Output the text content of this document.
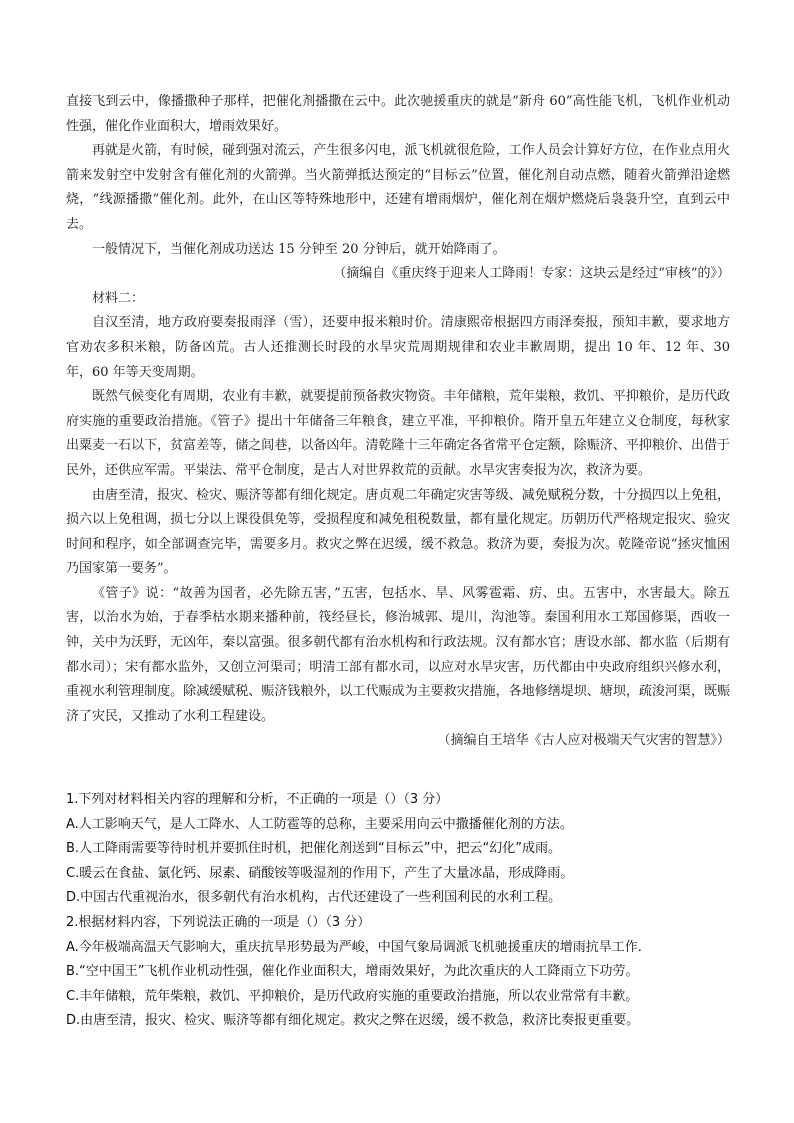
直接飞到云中，像播撒种子那样，把催化剂播撒在云中。此次驰援重庆的就是“新舟 60”高性能飞机，飞机作业机动性强，催化作业面积大，增雨效果好。

再就是火箭，有时候，碰到强对流云，产生很多闪电，派飞机就很危险，工作人员会计算好方位，在作业点用火箭来发射空中发射含有催化剂的火箭弹。当火箭弹抵达预定的“目标云”位置，催化剂自动点燃，随着火箭弹沿途燃烧，“线源播撒”催化剂。此外，在山区等特殊地形中，还建有增雨烟炉，催化剂在烟炉燃烧后袅袅升空，直到云中去。

一般情况下，当催化剂成功送达 15 分钟至 20 分钟后，就开始降雨了。

（摘编自《重庆终于迎来人工降雨！专家：这块云是经过“审核”的》）

材料二：

自汉至清，地方政府要奏报雨泽（雪），还要申报米粮时价。清康熙帝根据四方雨泽奏报，预知丰歉，要求地方官劝农多积米粮，防备凶荒。古人还推测长时段的水旱灾荒周期规律和农业丰歉周期，提出 10 年、12 年、30 年，60 年等天变周期。

既然气候变化有周期，农业有丰歉，就要提前预备救灾物资。丰年储粮，荒年粜粮，救饥、平抑粮价，是历代政府实施的重要政治措施。《管子》提出十年储备三年粮食，建立平准，平抑粮价。隋开皇五年建立义仓制度，每秋家出粟麦一石以下，贫富差等，储之闾巷，以备凶年。清乾隆十三年确定各省常平仓定额，除赈济、平抑粮价、出借于民外，还供应军需。平粜法、常平仓制度，是古人对世界救荒的贡献。水旱灾害奏报为次，救济为要。

由唐至清，报灾、检灾、赈济等都有细化规定。唐贞观二年确定灾害等级、减免赋税分数，十分损四以上免租，损六以上免租调，损七分以上课役俱免等，受损程度和减免租税数量，都有量化规定。历朝历代严格规定报灾、验灾时间和程序，如全部调查完毕，需要多月。救灾之弊在迟缓，缓不救急。救济为要，奏报为次。乾隆帝说“拯灾恤困乃国家第一要务”。

《管子》说：“故善为国者，必先除五害，”五害，包括水、旱、风雾雹霜、疠、虫。五害中，水害最大。除五害，以治水为始，于春季枯水期来播种前，筏经昼长，修治城郭、堤川，沟池等。秦国利用水工郑国修渠，西收一钟，关中为沃野，无凶年，秦以富强。很多朝代都有治水机构和行政法规。汉有都水官；唐设水部、都水监（后期有都水司）；宋有都水监外，又创立河渠司；明清工部有都水司，以应对水旱灾害，历代都由中央政府组织兴修水利，重视水利管理制度。除减缓赋税、赈济钱粮外，以工代赈成为主要救灾措施，各地修缮堤坝、塘坝，疏浚河渠，既赈济了灾民，又推动了水利工程建设。

（摘编自王培华《古人应对极端天气灾害的智慧》）

1.下列对材料相关内容的理解和分析，不正确的一项是（）（3 分）

A.人工影响天气，是人工降水、人工防雹等的总称，主要采用向云中撒播催化剂的方法。

B.人工降雨需要等待时机并要抓住时机，把催化剂送到“目标云”中，把云“幻化”成雨。

C.暖云在食盐、氯化钙、尿素、硝酸铵等吸湿剂的作用下，产生了大量冰晶，形成降雨。

D.中国古代重视治水，很多朝代有治水机构，古代还建设了一些利国利民的水利工程。

2.根据材料内容，下列说法正确的一项是（）（3 分）

A.今年极端高温天气影响大，重庆抗旱形势最为严峻，中国气象局调派飞机驰援重庆的增雨抗旱工作.

B.“空中国王”飞机作业机动性强，催化作业面积大，增雨效果好，为此次重庆的人工降雨立下功劳。

C.丰年储粮，荒年柴粮，救饥、平抑粮价，是历代政府实施的重要政治措施，所以农业常常有丰歉。

D.由唐至清，报灾、检灾、赈济等都有细化规定。救灾之弊在迟缓，缓不救急，救济比奏报更重要。
